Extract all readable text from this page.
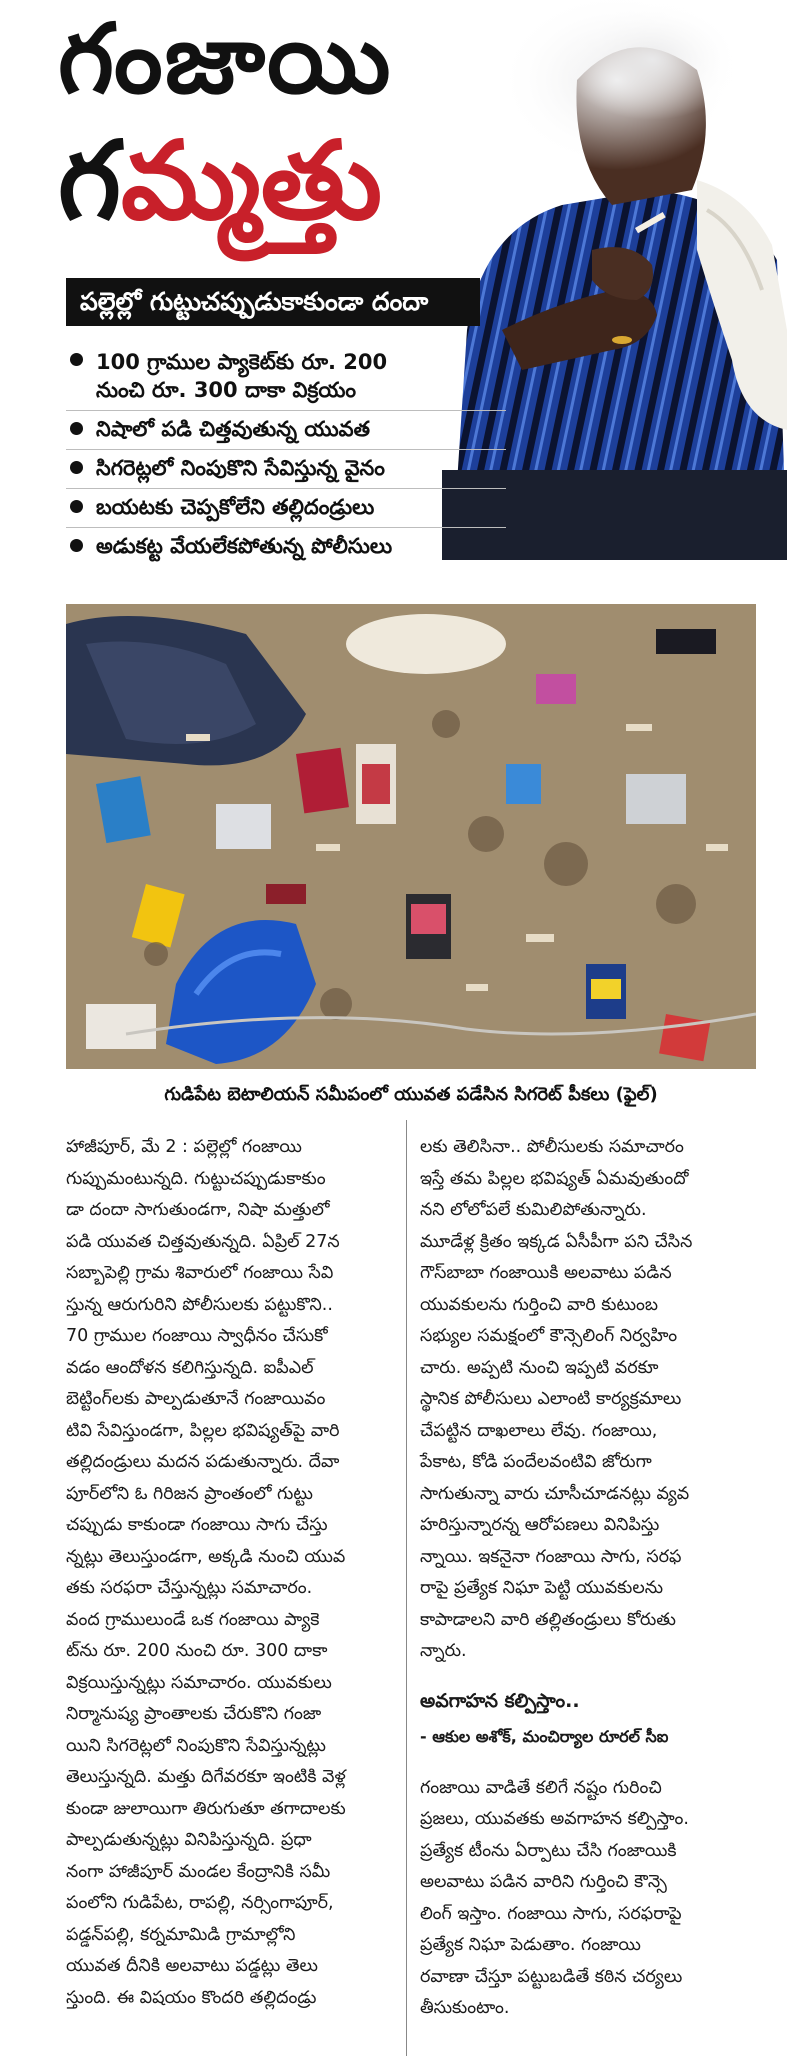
గంజాయి
గమ్మత్తు
పల్లెల్లో గుట్టుచప్పుడుకాకుండా దందా
100 గ్రాముల ప్యాకెట్‌కు రూ. 200
నుంచి రూ. 300 దాకా విక్రయం
నిషాలో పడి చిత్తవుతున్న యువత
సిగరెట్లలో నింపుకొని సేవిస్తున్న వైనం
బయటకు చెప్పకోలేని తల్లిదండ్రులు
అడుకట్ట వేయలేకపోతున్న పోలీసులు
గుడిపేట బెటాలియన్ సమీపంలో యువత పడేసిన సిగరెట్ పీకలు (ఫైల్)

హాజీపూర్, మే 2 : పల్లెల్లో గంజాయి

గుప్పుమంటున్నది. గుట్టుచప్పుడుకాకుం

డా దందా సాగుతుండగా, నిషా మత్తులో

పడి యువత చిత్తవుతున్నది. ఏప్రిల్ 27న

సబ్బాపెల్లి గ్రామ శివారులో గంజాయి సేవి

స్తున్న ఆరుగురిని పోలీసులకు పట్టుకొని..

70 గ్రాముల గంజాయి స్వాధీనం చేసుకో

వడం ఆందోళన కలిగిస్తున్నది. ఐపీఎల్

బెట్టింగ్‌లకు పాల్పడుతూనే గంజాయివం

టివి సేవిస్తుండగా, పిల్లల భవిష్యత్‌పై వారి

తల్లిదండ్రులు మదన పడుతున్నారు. దేవా

పూర్‌లోని ఓ గిరిజన ప్రాంతంలో గుట్టు

చప్పుడు కాకుండా గంజాయి సాగు చేస్తు

న్నట్లు తెలుస్తుండగా, అక్కడి నుంచి యువ

తకు సరఫరా చేస్తున్నట్లు సమాచారం.

వంద గ్రాములుండే ఒక గంజాయి ప్యాకె

ట్‌ను రూ. 200 నుంచి రూ. 300 దాకా

విక్రయిస్తున్నట్లు సమాచారం. యువకులు

నిర్మానుష్య ప్రాంతాలకు చేరుకొని గంజా

యిని సిగరెట్లలో నింపుకొని సేవిస్తున్నట్లు

తెలుస్తున్నది. మత్తు దిగేవరకూ ఇంటికి వెళ్ల

కుండా జులాయిగా తిరుగుతూ తగాదాలకు

పాల్పడుతున్నట్లు వినిపిస్తున్నది. ప్రధా

నంగా హాజీపూర్ మండల కేంద్రానికి సమీ

పంలోని గుడిపేట, రాపల్లి, నర్సింగాపూర్,

పడ్డన్‌పల్లి, కర్నమామిడి గ్రామాల్లోని

యువత దీనికి అలవాటు పడ్డట్లు తెలు

స్తుంది. ఈ విషయం కొందరి తల్లిదండ్రు

లకు తెలిసినా.. పోలీసులకు సమాచారం

ఇస్తే తమ పిల్లల భవిష్యత్ ఏమవుతుందో

నని లోలోపలే కుమిలిపోతున్నారు.

మూడేళ్ల క్రితం ఇక్కడ ఏసీపీగా పని చేసిన

గౌస్‌బాబా గంజాయికి అలవాటు పడిన

యువకులను గుర్తించి వారి కుటుంబ

సభ్యుల సమక్షంలో కౌన్సెలింగ్ నిర్వహిం

చారు. అప్పటి నుంచి ఇప్పటి వరకూ

స్థానిక పోలీసులు ఎలాంటి కార్యక్రమాలు

చేపట్టిన దాఖలాలు లేవు. గంజాయి,

పేకాట, కోడి పందేలవంటివి జోరుగా

సాగుతున్నా వారు చూసీచూడనట్లు వ్యవ

హరిస్తున్నారన్న ఆరోపణలు వినిపిస్తు

న్నాయి. ఇకనైనా గంజాయి సాగు, సరఫ

రాపై ప్రత్యేక నిఘా పెట్టి యువకులను

కాపాడాలని వారి తల్లితండ్రులు కోరుతు

న్నారు.

అవగాహన కల్పిస్తాం..

- ఆకుల అశోక్, మంచిర్యాల రూరల్ సీఐ

గంజాయి వాడితే కలిగే నష్టం గురించి

ప్రజలు, యువతకు అవగాహన కల్పిస్తాం.

ప్రత్యేక టీంను ఏర్పాటు చేసి గంజాయికి

అలవాటు పడిన వారిని గుర్తించి కౌన్సె

లింగ్ ఇస్తాం. గంజాయి సాగు, సరఫరాపై

ప్రత్యేక నిఘా పెడుతాం. గంజాయి

రవాణా చేస్తూ పట్టుబడితే కఠిన చర్యలు

తీసుకుంటాం.
